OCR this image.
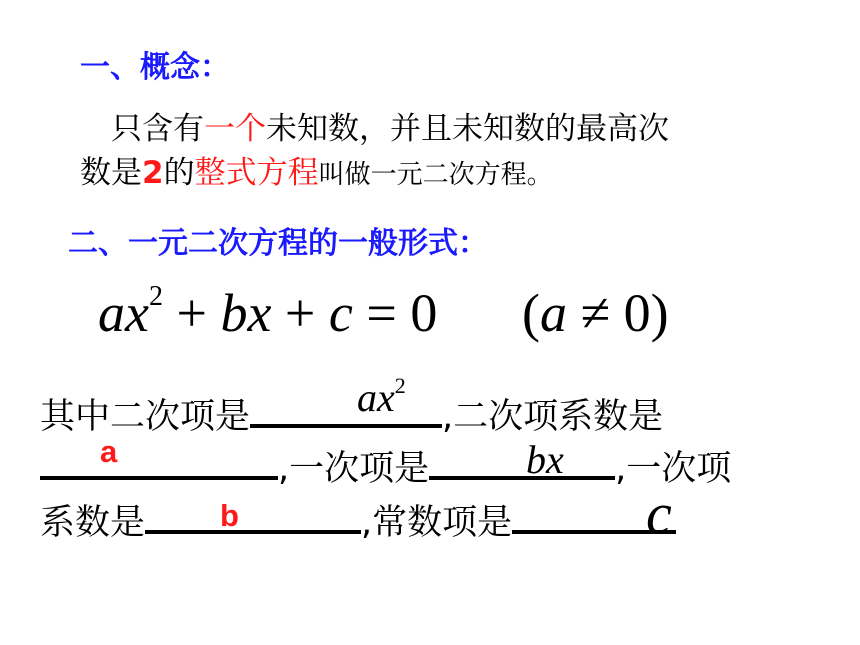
一、概念：
　只含有一个未知数，并且未知数的最高次
数是2的整式方程叫做一元二次方程。
二、一元二次方程的一般形式：
$ax^2$ + bx + c = 0 (a ≠ 0)
其中二次项是	,二次项系数是
,一次项是	,一次项
系数是	,常数项是
$ax^2$
a	bx
b	c
